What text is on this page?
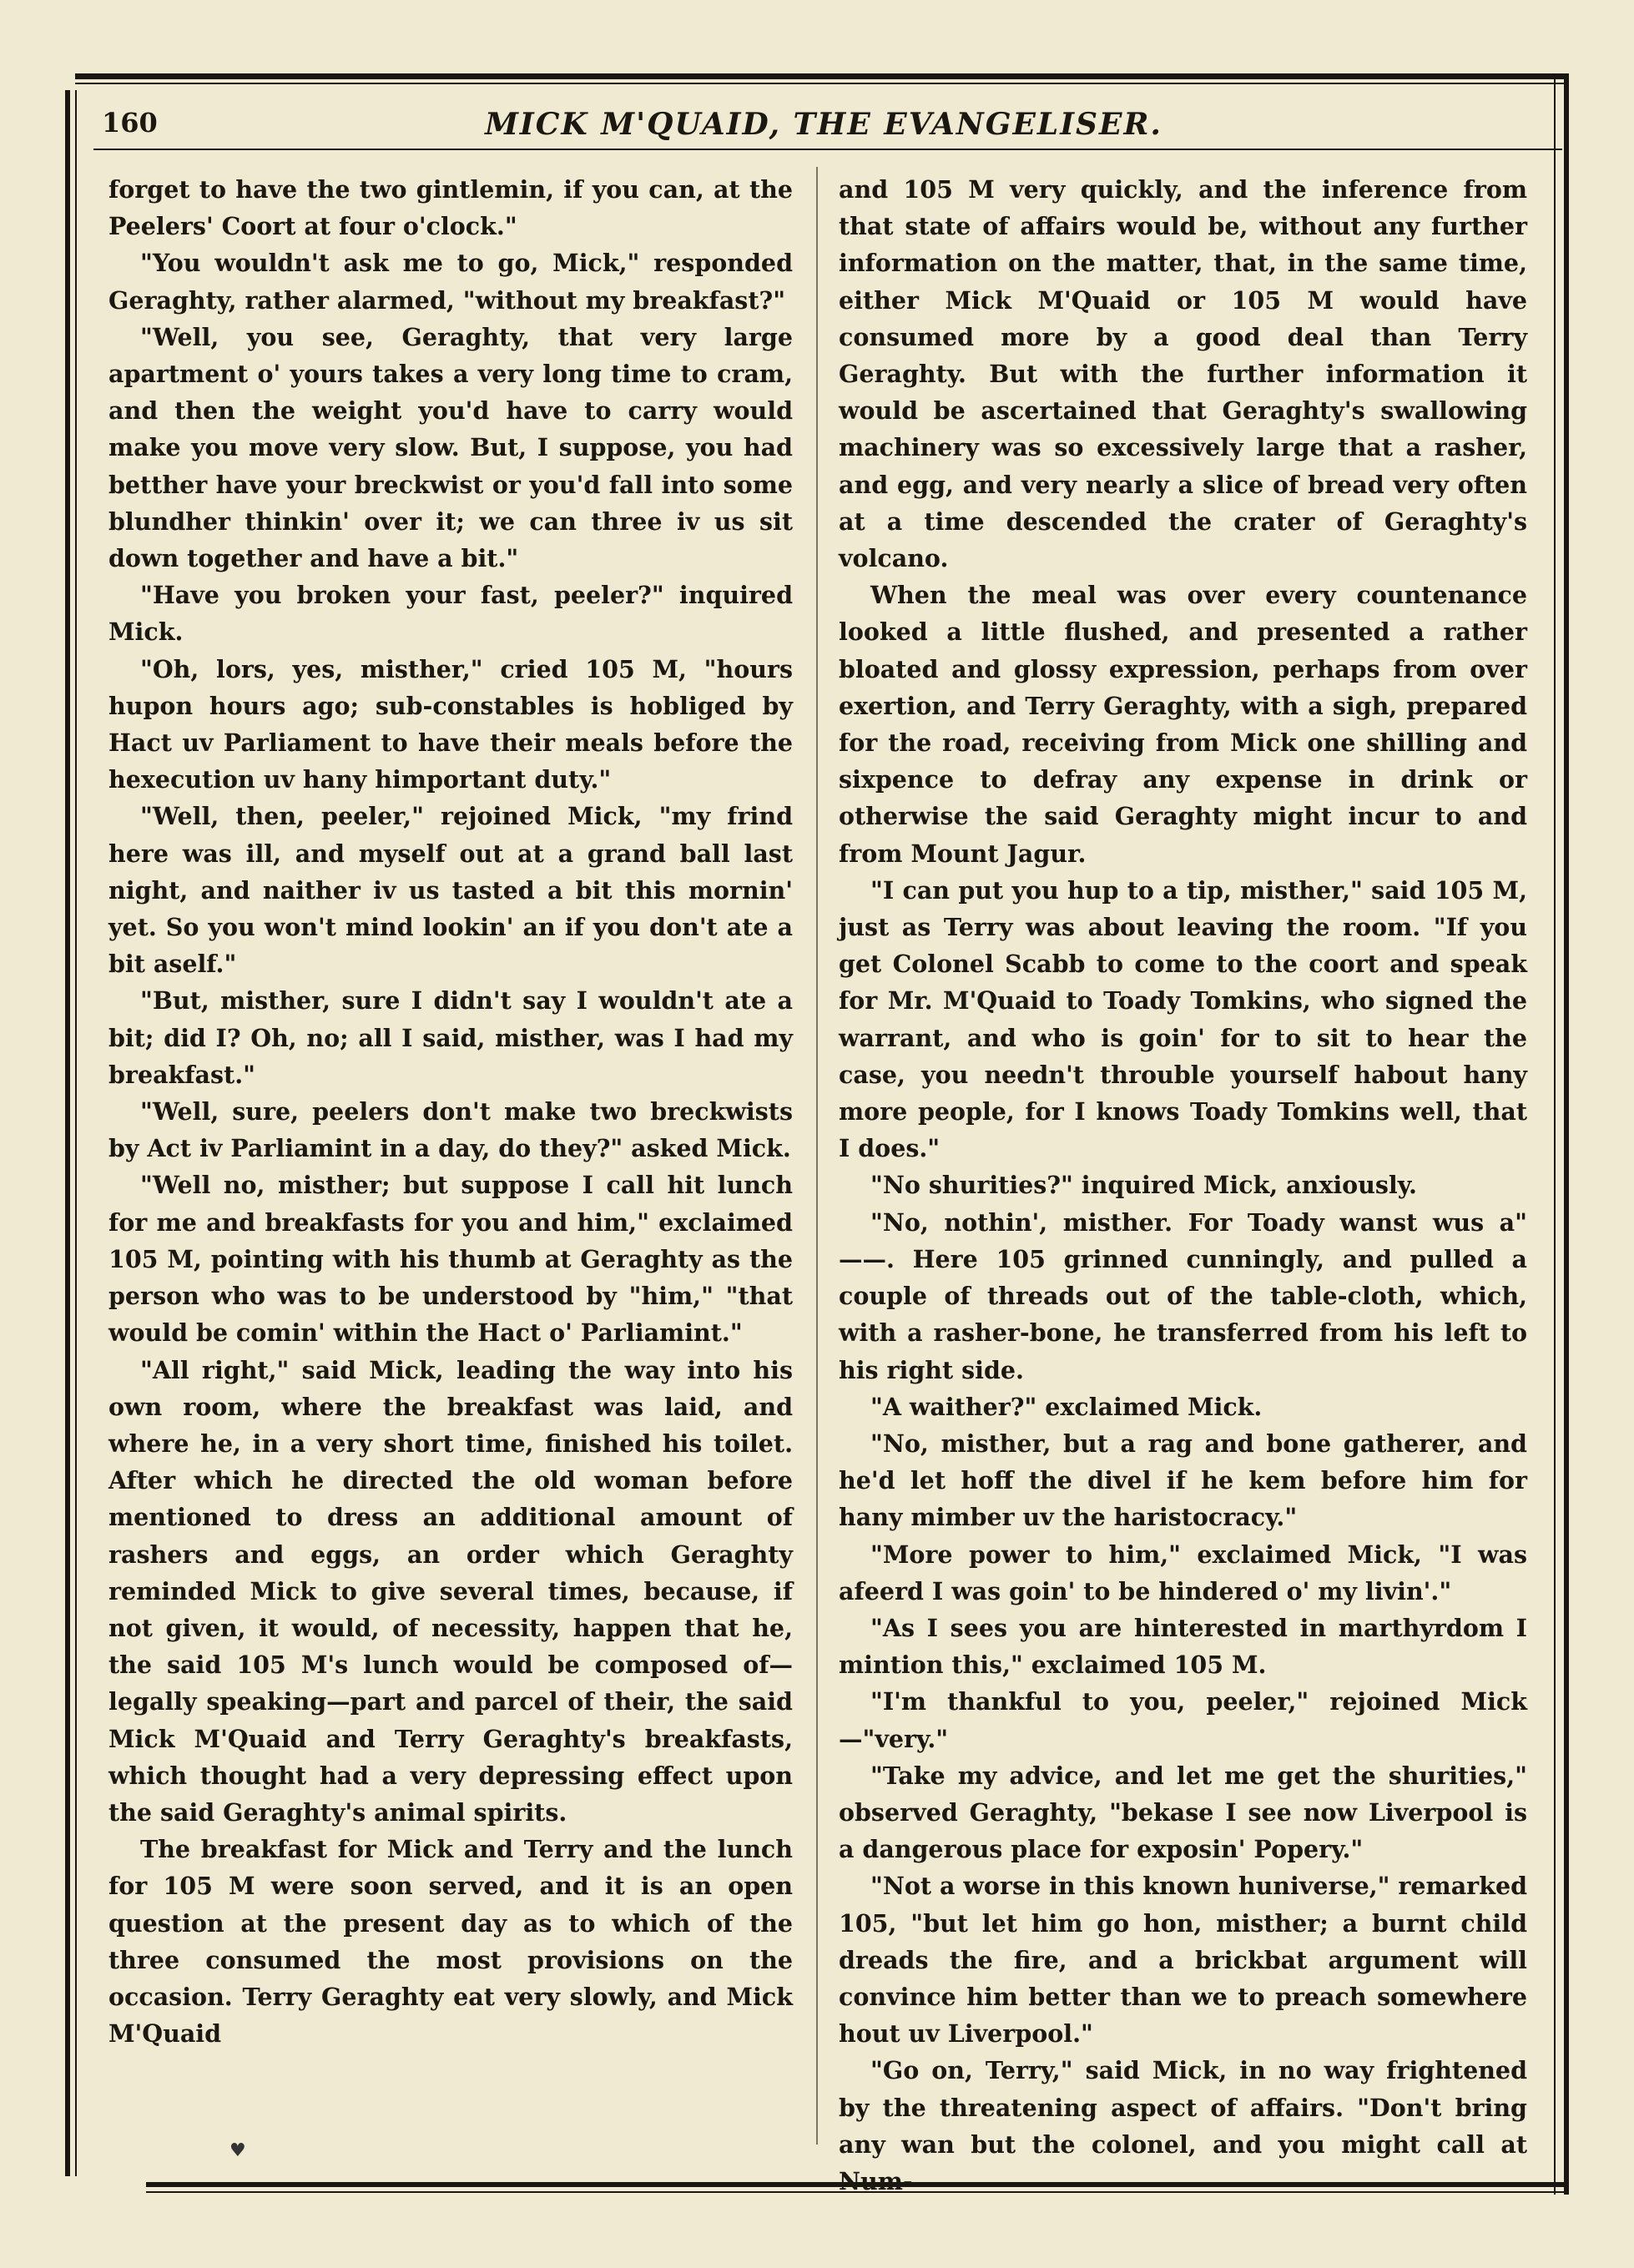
160	MICK M'QUAID, THE EVANGELISER.

forget to have the two gintlemin, if you can, at the Peelers' Coort at four o'clock."

"You wouldn't ask me to go, Mick," responded Geraghty, rather alarmed, "without my breakfast?"

"Well, you see, Geraghty, that very large apartment o' yours takes a very long time to cram, and then the weight you'd have to carry would make you move very slow. But, I suppose, you had betther have your breckwist or you'd fall into some blundher thinkin' over it; we can three iv us sit down together and have a bit."

"Have you broken your fast, peeler?" inquired Mick.

"Oh, lors, yes, misther," cried 105 M, "hours hupon hours ago; sub-constables is hobliged by Hact uv Parliament to have their meals before the hexecution uv hany himportant duty."

"Well, then, peeler," rejoined Mick, "my frind here was ill, and myself out at a grand ball last night, and naither iv us tasted a bit this mornin' yet. So you won't mind lookin' an if you don't ate a bit aself."

"But, misther, sure I didn't say I wouldn't ate a bit; did I? Oh, no; all I said, misther, was I had my breakfast."

"Well, sure, peelers don't make two breckwists by Act iv Parliamint in a day, do they?" asked Mick.

"Well no, misther; but suppose I call hit lunch for me and breakfasts for you and him," exclaimed 105 M, pointing with his thumb at Geraghty as the person who was to be understood by "him," "that would be comin' within the Hact o' Parliamint."

"All right," said Mick, leading the way into his own room, where the breakfast was laid, and where he, in a very short time, finished his toilet. After which he directed the old woman before mentioned to dress an additional amount of rashers and eggs, an order which Geraghty reminded Mick to give several times, because, if not given, it would, of necessity, happen that he, the said 105 M's lunch would be composed of—legally speaking—part and parcel of their, the said Mick M'Quaid and Terry Geraghty's breakfasts, which thought had a very depressing effect upon the said Geraghty's animal spirits.

The breakfast for Mick and Terry and the lunch for 105 M were soon served, and it is an open question at the present day as to which of the three consumed the most provisions on the occasion. Terry Geraghty eat very slowly, and Mick M'Quaid

and 105 M very quickly, and the inference from that state of affairs would be, without any further information on the matter, that, in the same time, either Mick M'Quaid or 105 M would have consumed more by a good deal than Terry Geraghty. But with the further information it would be ascertained that Geraghty's swallowing machinery was so excessively large that a rasher, and egg, and very nearly a slice of bread very often at a time descended the crater of Geraghty's volcano.

When the meal was over every countenance looked a little flushed, and presented a rather bloated and glossy expression, perhaps from over exertion, and Terry Geraghty, with a sigh, prepared for the road, receiving from Mick one shilling and sixpence to defray any expense in drink or otherwise the said Geraghty might incur to and from Mount Jagur.

"I can put you hup to a tip, misther," said 105 M, just as Terry was about leaving the room. "If you get Colonel Scabb to come to the coort and speak for Mr. M'Quaid to Toady Tomkins, who signed the warrant, and who is goin' for to sit to hear the case, you needn't throuble yourself habout hany more people, for I knows Toady Tomkins well, that I does."

"No shurities?" inquired Mick, anxiously.

"No, nothin', misther. For Toady wanst wus a" ——. Here 105 grinned cunningly, and pulled a couple of threads out of the table-cloth, which, with a rasher-bone, he transferred from his left to his right side.

"A waither?" exclaimed Mick.

"No, misther, but a rag and bone gatherer, and he'd let hoff the divel if he kem before him for hany mimber uv the haristocracy."

"More power to him," exclaimed Mick, "I was afeerd I was goin' to be hindered o' my livin'."

"As I sees you are hinterested in marthyrdom I mintion this," exclaimed 105 M.

"I'm thankful to you, peeler," rejoined Mick—"very."

"Take my advice, and let me get the shurities," observed Geraghty, "bekase I see now Liverpool is a dangerous place for exposin' Popery."

"Not a worse in this known huniverse," remarked 105, "but let him go hon, misther; a burnt child dreads the fire, and a brickbat argument will convince him better than we to preach somewhere hout uv Liverpool."

"Go on, Terry," said Mick, in no way frightened by the threatening aspect of affairs. "Don't bring any wan but the colonel, and you might call at Num-

♥
